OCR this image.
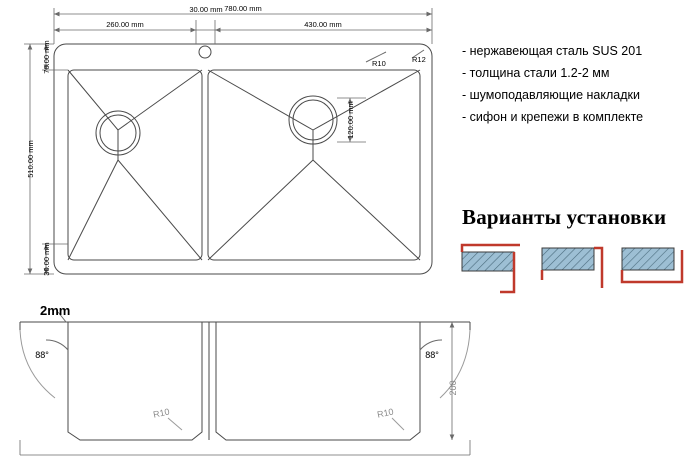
780.00 mm
260.00 mm
30.00 mm
430.00 mm
510.00 mm
70.00 mm
30.00 mm
120.00 mm
R10	R12
88°	88°
R10	R10
200
- нержавеющая сталь SUS 201
- толщина стали 1.2-2 мм
- шумоподавляющие накладки
- сифон и крепежи в комплекте
Варианты установки
2mm
